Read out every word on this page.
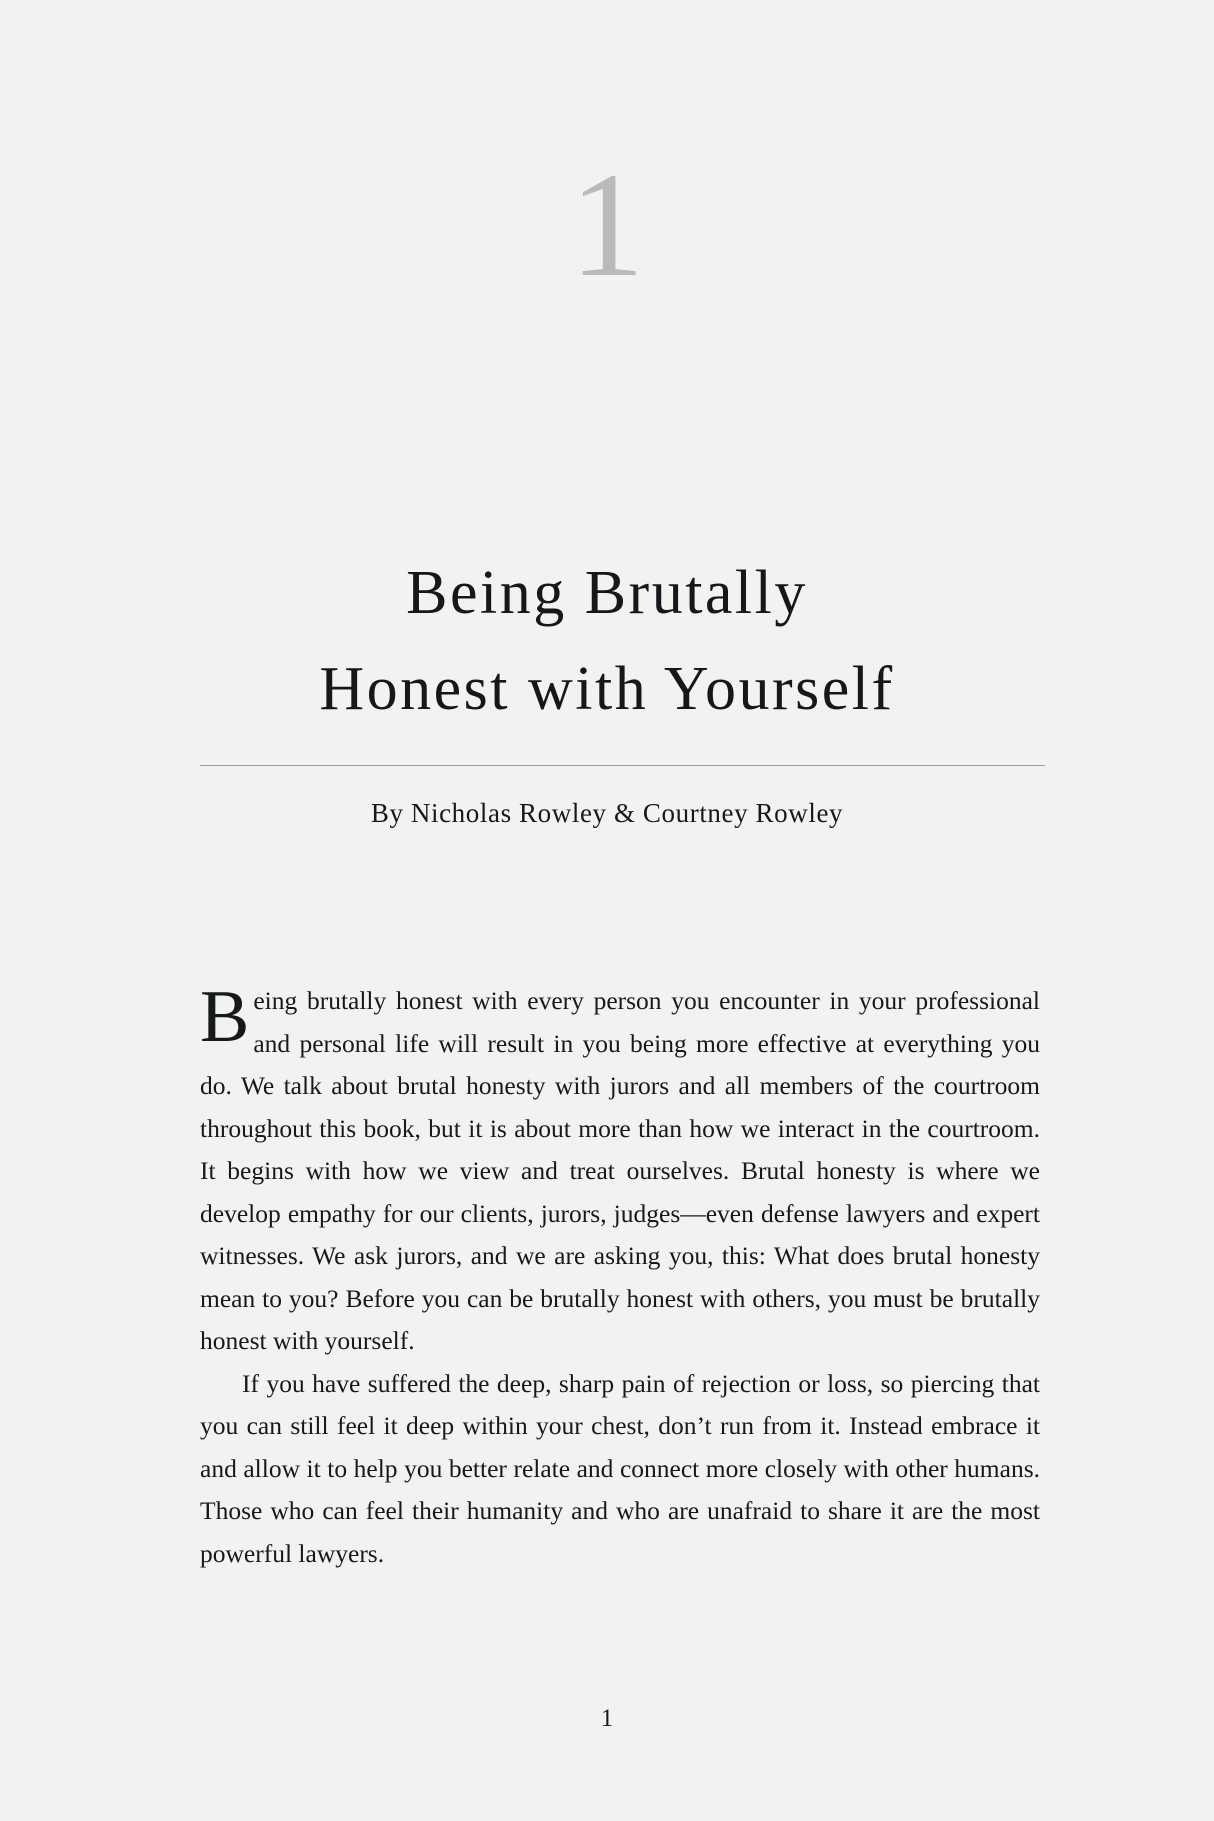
1
Being Brutally
Honest with Yourself
By Nicholas Rowley & Courtney Rowley

Being brutally honest with every person you encounter in your professional and personal life will result in you being more effective at everything you do. We talk about brutal honesty with jurors and all members of the courtroom throughout this book, but it is about more than how we interact in the courtroom. It begins with how we view and treat ourselves. Brutal honesty is where we develop empathy for our clients, jurors, judges—even defense lawyers and expert witnesses. We ask jurors, and we are asking you, this: What does brutal honesty mean to you? Before you can be brutally honest with others, you must be brutally honest with yourself.

If you have suffered the deep, sharp pain of rejection or loss, so piercing that you can still feel it deep within your chest, don’t run from it. Instead embrace it and allow it to help you better relate and connect more closely with other humans. Those who can feel their humanity and who are unafraid to share it are the most powerful lawyers.

1
